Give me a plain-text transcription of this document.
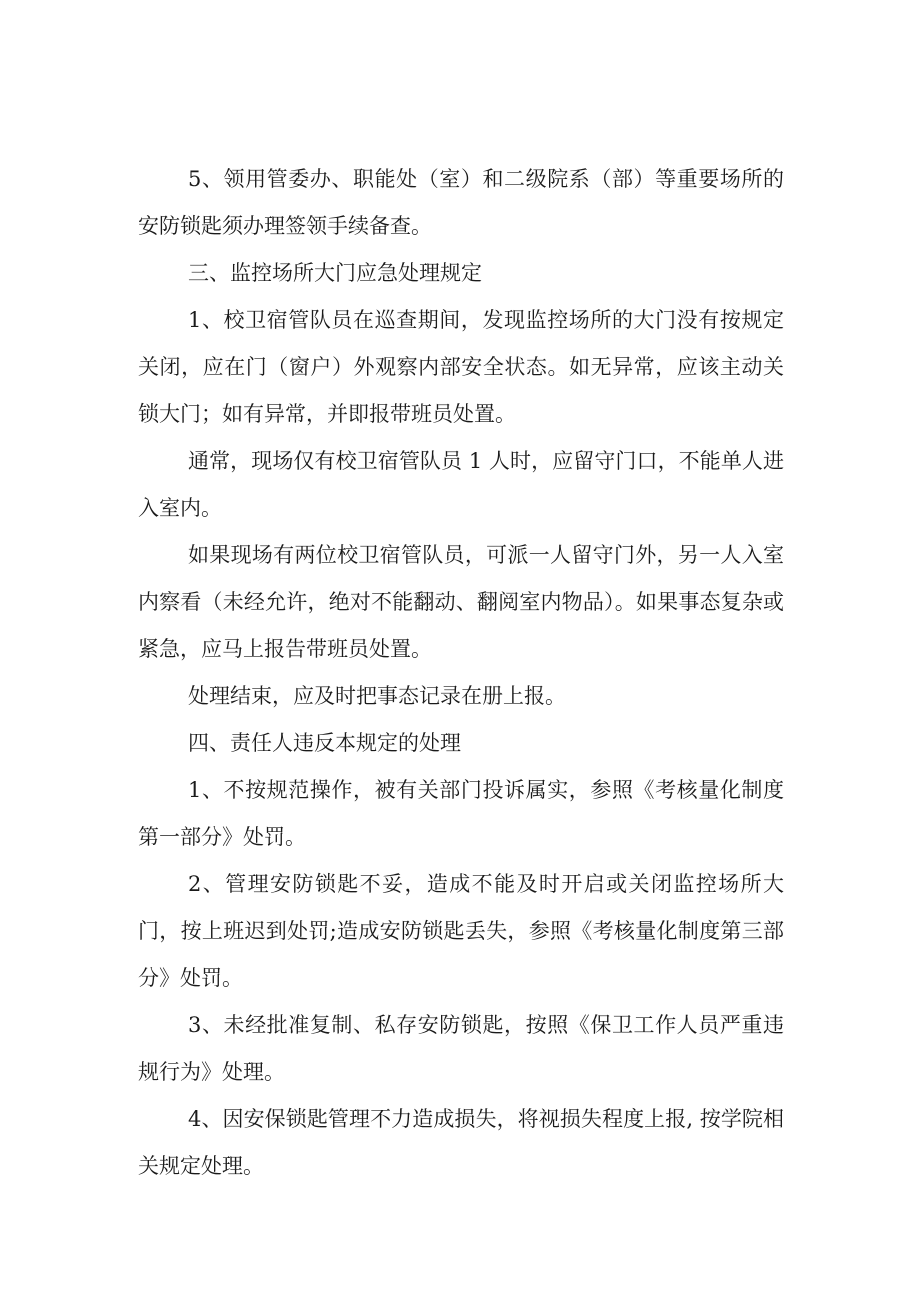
5、领用管委办、职能处（室）和二级院系（部）等重要场所的安防锁匙须办理签领手续备查。

三、监控场所大门应急处理规定

1、校卫宿管队员在巡查期间，发现监控场所的大门没有按规定关闭，应在门（窗户）外观察内部安全状态。如无异常，应该主动关锁大门；如有异常，并即报带班员处置。

通常，现场仅有校卫宿管队员 1 人时，应留守门口，不能单人进入室内。

如果现场有两位校卫宿管队员，可派一人留守门外，另一人入室内察看（未经允许，绝对不能翻动、翻阅室内物品）。如果事态复杂或紧急，应马上报告带班员处置。

处理结束，应及时把事态记录在册上报。

四、责任人违反本规定的处理

1、不按规范操作，被有关部门投诉属实，参照《考核量化制度第一部分》处罚。

2、管理安防锁匙不妥，造成不能及时开启或关闭监控场所大门，按上班迟到处罚;造成安防锁匙丢失，参照《考核量化制度第三部分》处罚。

3、未经批准复制、私存安防锁匙，按照《保卫工作人员严重违规行为》处理。

4、因安保锁匙管理不力造成损失，将视损失程度上报, 按学院相关规定处理。
